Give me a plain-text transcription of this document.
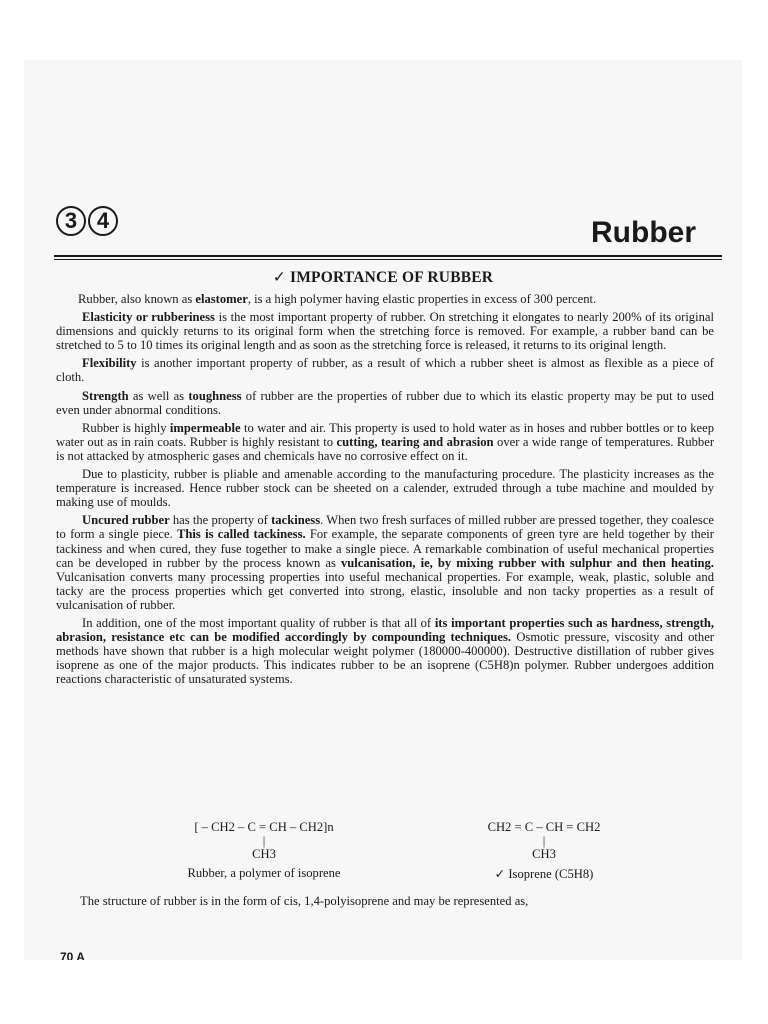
3 4	Rubber
✓ IMPORTANCE OF RUBBER

Rubber, also known as elastomer, is a high polymer having elastic properties in excess of 300 percent.

Elasticity or rubberiness is the most important property of rubber. On stretching it elongates to nearly 200% of its original dimensions and quickly returns to its original form when the stretching force is removed. For example, a rubber band can be stretched to 5 to 10 times its original length and as soon as the stretching force is released, it returns to its original length.

Flexibility is another important property of rubber, as a result of which a rubber sheet is almost as flexible as a piece of cloth.

Strength as well as toughness of rubber are the properties of rubber due to which its elastic property may be put to used even under abnormal conditions.

Rubber is highly impermeable to water and air. This property is used to hold water as in hoses and rubber bottles or to keep water out as in rain coats. Rubber is highly resistant to cutting, tearing and abrasion over a wide range of temperatures. Rubber is not attacked by atmospheric gases and chemicals have no corrosive effect on it.

Due to plasticity, rubber is pliable and amenable according to the manufacturing procedure. The plasticity increases as the temperature is increased. Hence rubber stock can be sheeted on a calender, extruded through a tube machine and moulded by making use of moulds.

Uncured rubber has the property of tackiness. When two fresh surfaces of milled rubber are pressed together, they coalesce to form a single piece. This is called tackiness. For example, the separate components of green tyre are held together by their tackiness and when cured, they fuse together to make a single piece. A remarkable combination of useful mechanical properties can be developed in rubber by the process known as vulcanisation, ie, by mixing rubber with sulphur and then heating. Vulcanisation converts many processing properties into useful mechanical properties. For example, weak, plastic, soluble and tacky are the process properties which get converted into strong, elastic, insoluble and non tacky properties as a result of vulcanisation of rubber.

In addition, one of the most important quality of rubber is that all of its important properties such as hardness, strength, abrasion, resistance etc can be modified accordingly by compounding techniques. Osmotic pressure, viscosity and other methods have shown that rubber is a high molecular weight polymer (180000-400000). Destructive distillation of rubber gives isoprene as one of the major products. This indicates rubber to be an isoprene (C5H8)n polymer. Rubber undergoes addition reactions characteristic of unsaturated systems.

[ – CH2 – C = CH – CH2]n
|
CH3
Rubber, a polymer of isoprene
CH2 = C – CH = CH2
|
CH3
✓ Isoprene (C5H8)
The structure of rubber is in the form of cis, 1,4-polyisoprene and may be represented as,
70 A
